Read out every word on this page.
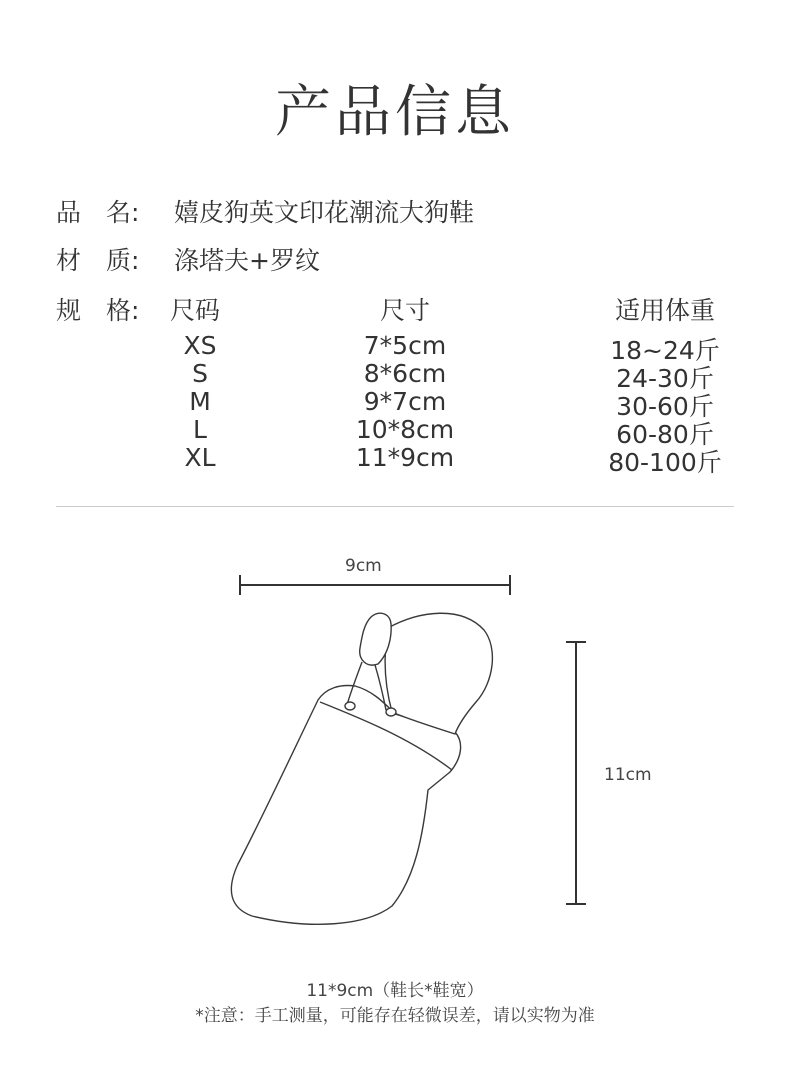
产品信息
品　名: 嬉皮狗英文印花潮流大狗鞋
材　质: 涤塔夫+罗纹
规　格:	尺码	尺寸	适用体重
XS	7*5cm	18~24斤
S	8*6cm	24-30斤
M	9*7cm	30-60斤
L	10*8cm	60-80斤
XL	11*9cm	80-100斤
9cm
11cm
11*9cm（鞋长*鞋宽）
*注意：手工测量，可能存在轻微误差，请以实物为准
